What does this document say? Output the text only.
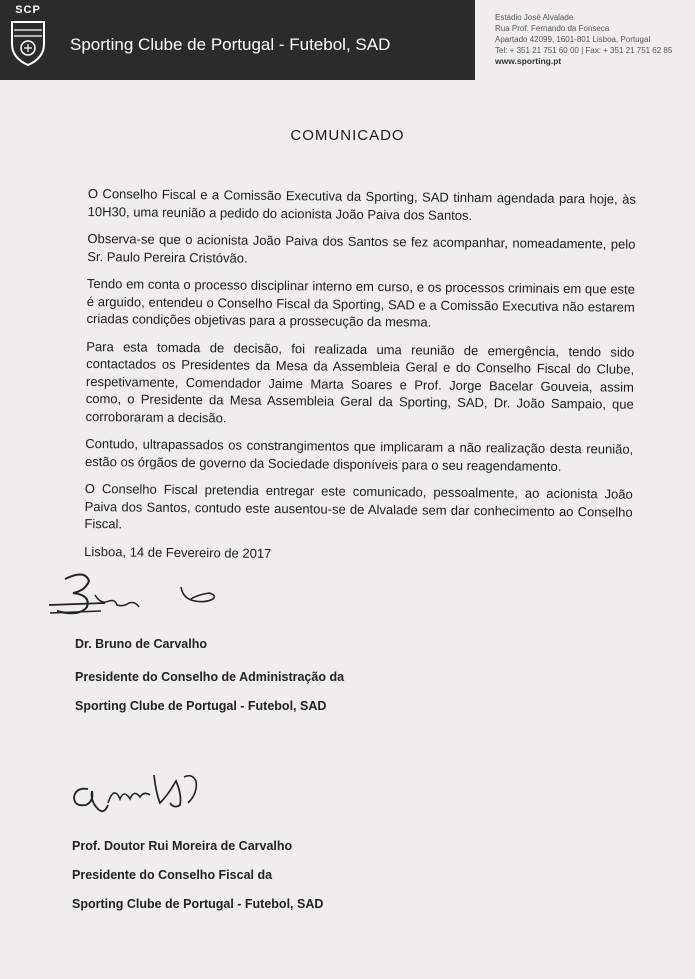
SCP
Sporting Clube de Portugal - Futebol, SAD
Estádio José Alvalade
Rua Prof. Fernando da Fonseca
Apartado 42099, 1601-801 Lisboa, Portugal
Tel: + 351 21 751 60 00 | Fax: + 351 21 751 62 85
www.sporting.pt
COMUNICADO

O Conselho Fiscal e a Comissão Executiva da Sporting, SAD tinham agendada para hoje, às 10H30, uma reunião a pedido do acionista João Paiva dos Santos.

Observa-se que o acionista João Paiva dos Santos se fez acompanhar, nomeadamente, pelo Sr. Paulo Pereira Cristóvão.

Tendo em conta o processo disciplinar interno em curso, e os processos criminais em que este é arguido, entendeu o Conselho Fiscal da Sporting, SAD e a Comissão Executiva não estarem criadas condições objetivas para a prossecução da mesma.

Para esta tomada de decisão, foi realizada uma reunião de emergência, tendo sido contactados os Presidentes da Mesa da Assembleia Geral e do Conselho Fiscal do Clube, respetivamente, Comendador Jaime Marta Soares e Prof. Jorge Bacelar Gouveia, assim como, o Presidente da Mesa Assembleia Geral da Sporting, SAD, Dr. João Sampaio, que corroboraram a decisão.

Contudo, ultrapassados os constrangimentos que implicaram a não realização desta reunião, estão os órgãos de governo da Sociedade disponíveis para o seu reagendamento.

O Conselho Fiscal pretendia entregar este comunicado, pessoalmente, ao acionista João Paiva dos Santos, contudo este ausentou-se de Alvalade sem dar conhecimento ao Conselho Fiscal.

Lisboa, 14 de Fevereiro de 2017

Dr. Bruno de Carvalho
Presidente do Conselho de Administração da
Sporting Clube de Portugal - Futebol, SAD
Prof. Doutor Rui Moreira de Carvalho
Presidente do Conselho Fiscal da
Sporting Clube de Portugal - Futebol, SAD
